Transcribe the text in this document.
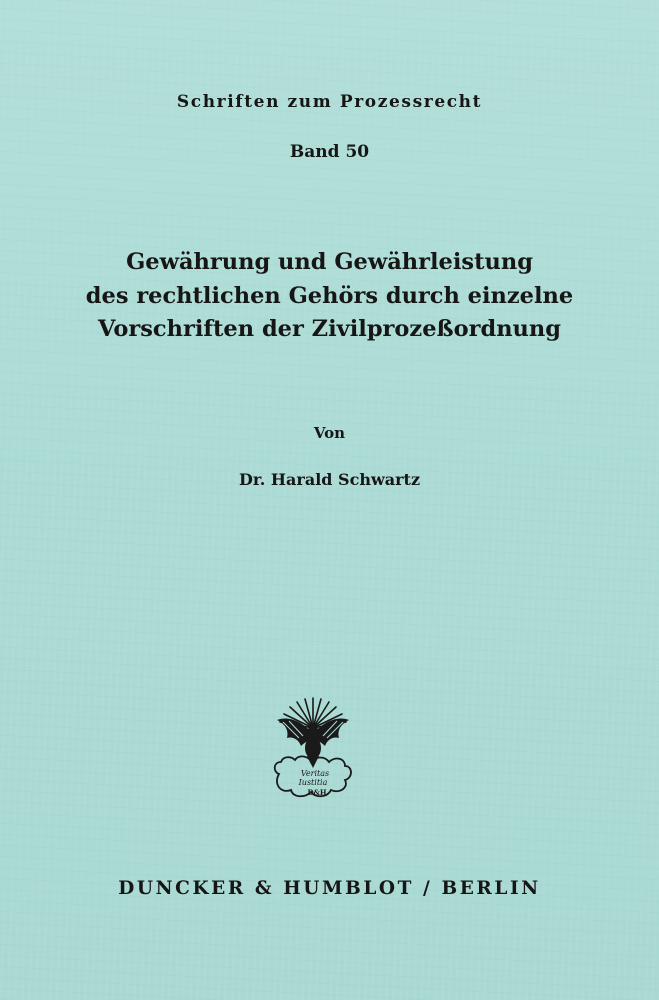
Schriften zum Prozessrecht
Band 50
Gewährung und Gewährleistung
des rechtlichen Gehörs durch einzelne
Vorschriften der Zivilprozeßordnung
Von
Dr. Harald Schwartz
Veritas
Iustitia
D&H
DUNCKER & HUMBLOT / BERLIN
